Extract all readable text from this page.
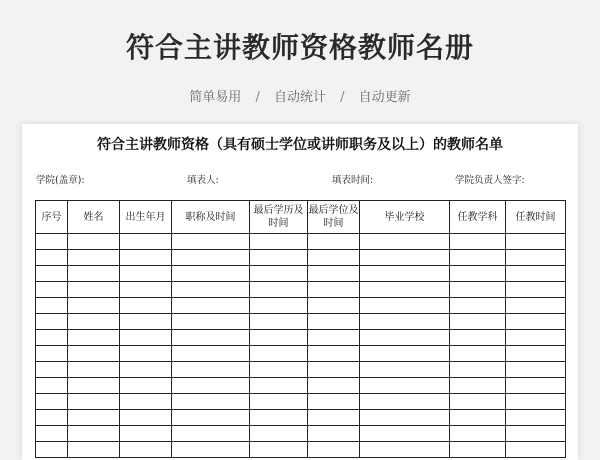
符合主讲教师资格教师名册
简单易用 / 自动统计 / 自动更新
符合主讲教师资格（具有硕士学位或讲师职务及以上）的教师名单
学院(盖章):	填表人:	填表时间:	学院负责人签字:
序号	姓名	出生年月	职称及时间	最后学历及时间	最后学位及时间	毕业学校	任教学科	任教时间
